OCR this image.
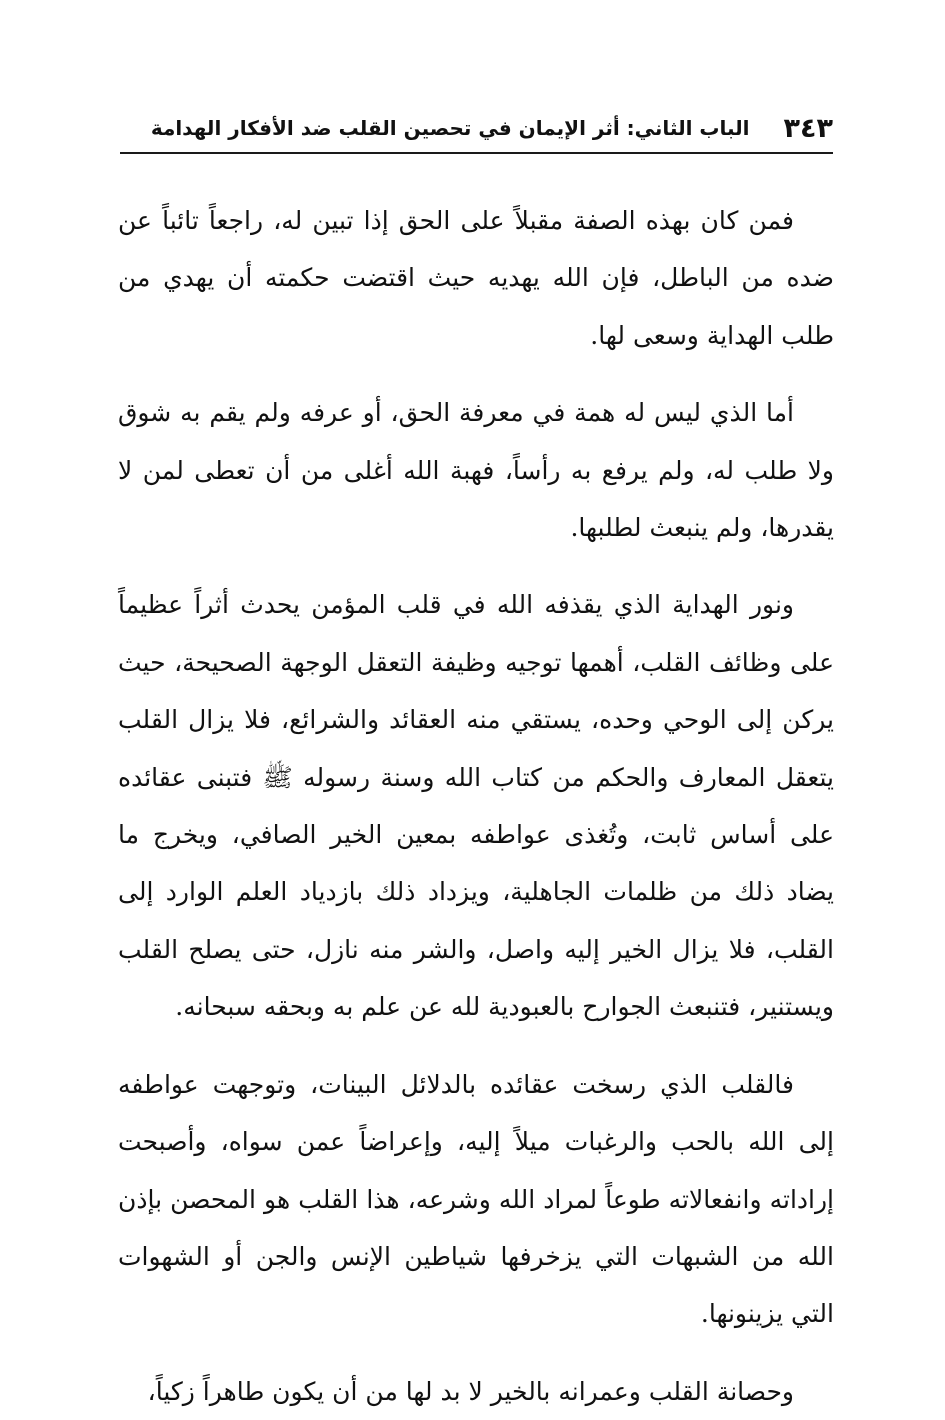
٣٤٣
الباب الثاني: أثر الإيمان في تحصين القلب ضد الأفكار الهدامة

فمن كان بهذه الصفة مقبلاً على الحق إذا تبين له، راجعاً تائباً عن ضده من الباطل، فإن الله يهديه حيث اقتضت حكمته أن يهدي من طلب الهداية وسعى لها.

أما الذي ليس له همة في معرفة الحق، أو عرفه ولم يقم به شوق ولا طلب له، ولم يرفع به رأساً، فهبة الله أغلى من أن تعطى لمن لا يقدرها، ولم ينبعث لطلبها.

ونور الهداية الذي يقذفه الله في قلب المؤمن يحدث أثراً عظيماً على وظائف القلب، أهمها توجيه وظيفة التعقل الوجهة الصحيحة، حيث يركن إلى الوحي وحده، يستقي منه العقائد والشرائع، فلا يزال القلب يتعقل المعارف والحكم من كتاب الله وسنة رسوله ﷺ فتبنى عقائده على أساس ثابت، وتُغذى عواطفه بمعين الخير الصافي، ويخرج ما يضاد ذلك من ظلمات الجاهلية، ويزداد ذلك بازدياد العلم الوارد إلى القلب، فلا يزال الخير إليه واصل، والشر منه نازل، حتى يصلح القلب ويستنير، فتنبعث الجوارح بالعبودية لله عن علم به وبحقه سبحانه.

فالقلب الذي رسخت عقائده بالدلائل البينات، وتوجهت عواطفه إلى الله بالحب والرغبات ميلاً إليه، وإعراضاً عمن سواه، وأصبحت إراداته وانفعالاته طوعاً لمراد الله وشرعه، هذا القلب هو المحصن بإذن الله من الشبهات التي يزخرفها شياطين الإنس والجن أو الشهوات التي يزينونها.

وحصانة القلب وعمرانه بالخير لا بد لها من أن يكون طاهراً زكياً،
